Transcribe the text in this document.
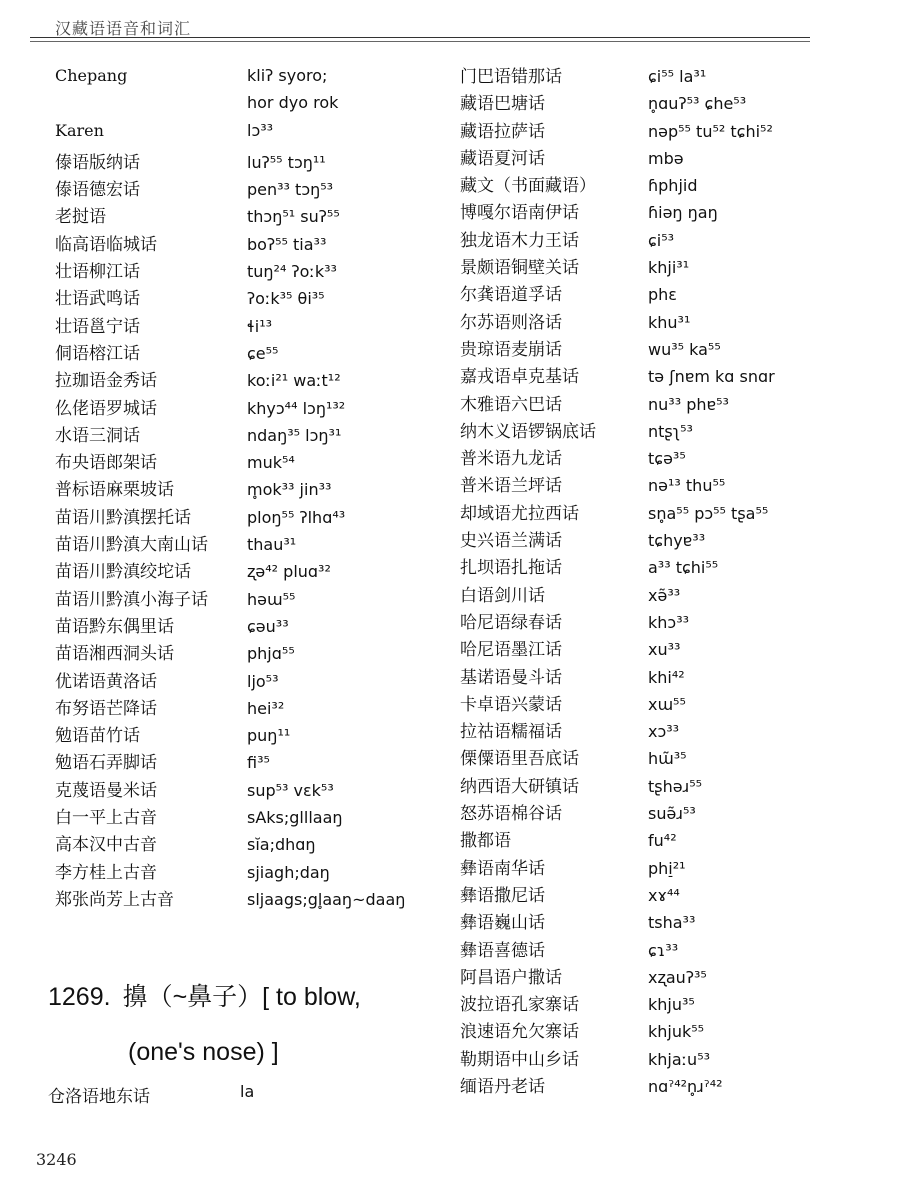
汉藏语语音和词汇
Chepang	kliʔ syoro;
hor dyo rok
Karen	lɔ³³
傣语版纳话	luʔ⁵⁵ tɔŋ¹¹
傣语德宏话	pen³³ tɔŋ⁵³
老挝语	thɔŋ⁵¹ suʔ⁵⁵
临高语临城话	boʔ⁵⁵ tia³³
壮语柳江话	tuŋ²⁴ ʔoːk³³
壮语武鸣话	ʔoːk³⁵ θi³⁵
壮语邕宁话	ɬi¹³
侗语榕江话	ɕe⁵⁵
拉珈语金秀话	koːi²¹ waːt¹²
仫佬语罗城话	khyɔ⁴⁴ lɔŋ¹³²
水语三洞话	ndaŋ³⁵ lɔŋ³¹
布央语郎架话	muk⁵⁴
普标语麻栗坡话	m̥ok³³ jin³³
苗语川黔滇摆托话	ploŋ⁵⁵ ʔlhɑ⁴³
苗语川黔滇大南山话	thau³¹
苗语川黔滇绞坨话	ʐə⁴² pluɑ³²
苗语川黔滇小海子话	həɯ⁵⁵
苗语黔东偶里话	ɕəu³³
苗语湘西洞头话	phjɑ⁵⁵
优诺语黄洛话	ljo⁵³
布努语芒降话	hei³²
勉语苗竹话	puŋ¹¹
勉语石弄脚话	fi³⁵
克蔑语曼米话	sup⁵³ vɛk⁵³
白一平上古音	sAks;glllaaŋ
高本汉中古音	sĭa;dhɑŋ
李方桂上古音	sjiagh;daŋ
郑张尚芳上古音	sljaags;gl̥aaŋ~daaŋ
门巴语错那话	ɕi⁵⁵ la³¹
藏语巴塘话	n̥ɑuʔ⁵³ ɕhe⁵³
藏语拉萨话	nəp⁵⁵ tu⁵² tɕhi⁵²
藏语夏河话	mbə
藏文（书面藏语）	ɦphjid
博嘎尔语南伊话	ɦiəŋ ŋaŋ
独龙语木力王话	ɕi⁵³
景颇语铜壁关话	khji³¹
尔龚语道孚话	phɛ
尔苏语则洛话	khu³¹
贵琼语麦崩话	wu³⁵ ka⁵⁵
嘉戎语卓克基话	tə ʃnɐm kɑ snɑr
木雅语六巴话	nu³³ phɐ⁵³
纳木义语锣锅底话	ntʂʅ⁵³
普米语九龙话	tɕə³⁵
普米语兰坪话	nə¹³ thu⁵⁵
却域语尤拉西话	sn̥a⁵⁵ pɔ⁵⁵ tʂa⁵⁵
史兴语兰满话	tɕhyɐ³³
扎坝语扎拖话	a³³ tɕhi⁵⁵
白语剑川话	xə̃³³
哈尼语绿春话	khɔ³³
哈尼语墨江话	xu³³
基诺语曼斗话	khi⁴²
卡卓语兴蒙话	xɯ⁵⁵
拉祜语糯福话	xɔ³³
傈僳语里吾底话	hɯ̃³⁵
纳西语大研镇话	tʂhəɹ⁵⁵
怒苏语棉谷话	suə̃ɹ⁵³
撒都语	fu⁴²
彝语南华话	phi̠²¹
彝语撒尼话	xɤ⁴⁴
彝语巍山话	tsha³³
彝语喜德话	ɕɿ³³
阿昌语户撒话	xʐauʔ³⁵
波拉语孔家寨话	khju³⁵
浪速语允欠寨话	khjuk⁵⁵
勒期语中山乡话	khjaːu⁵³
缅语丹老话	nɑˀ⁴²n̥ɹˀ⁴²
1269. 擤（~鼻子）[ to blow,
(one's nose) ]
仓洛语地东话	la
3246
